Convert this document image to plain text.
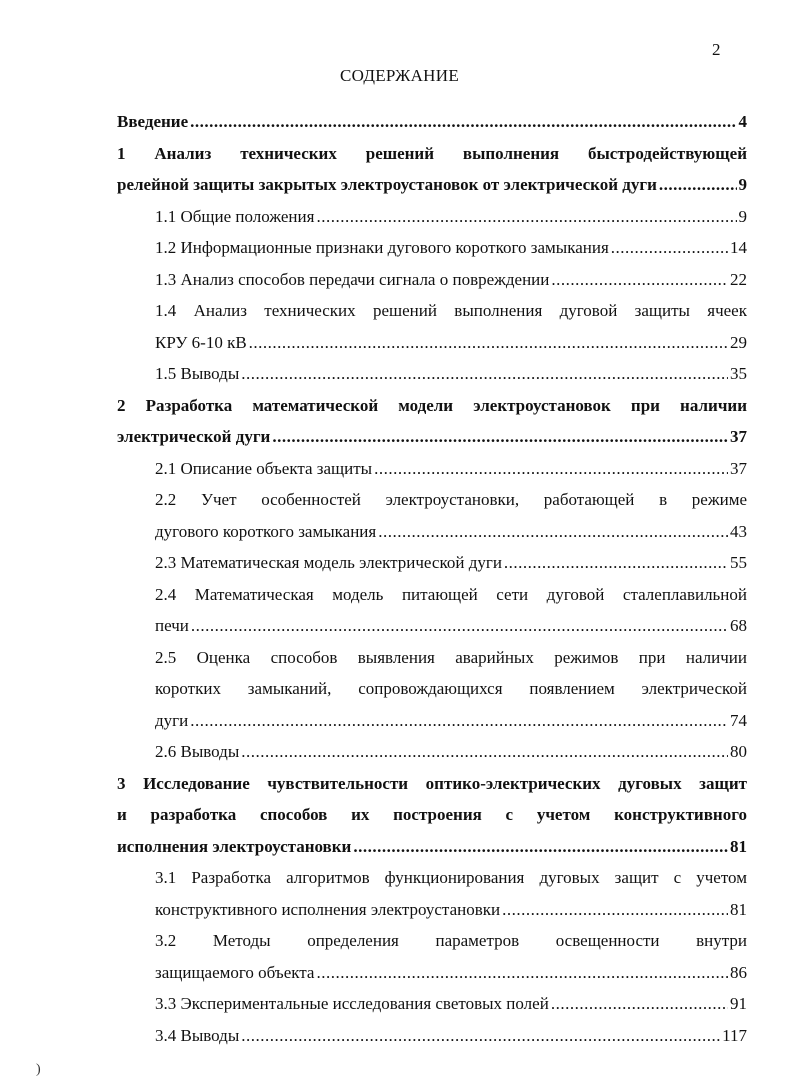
2
СОДЕРЖАНИЕ
Введение .....	4
1 Анализ технических решений выполнения быстродействующей
релейной защиты закрытых электроустановок от электрической дуги .....	9
1.1 Общие положения .....	9
1.2 Информационные признаки дугового короткого замыкания .....	14
1.3 Анализ способов передачи сигнала о повреждении .....	22
1.4 Анализ технических решений выполнения дуговой защиты ячеек
КРУ 6-10 кВ .....	29
1.5 Выводы .....	35
2 Разработка математической модели электроустановок при наличии
электрической дуги .....	37
2.1 Описание объекта защиты .....	37
2.2 Учет особенностей электроустановки, работающей в режиме
дугового короткого замыкания .....	43
2.3 Математическая модель электрической дуги .....	55
2.4 Математическая модель питающей сети дуговой сталеплавильной
печи .....	68
2.5 Оценка способов выявления аварийных режимов при наличии
коротких замыканий, сопровождающихся появлением электрической
дуги .....	74
2.6 Выводы .....	80
3 Исследование чувствительности оптико-электрических дуговых защит
и разработка способов их построения с учетом конструктивного
исполнения электроустановки .....	81
3.1 Разработка алгоритмов функционирования дуговых защит с учетом
конструктивного исполнения электроустановки .....	81
3.2 Методы определения параметров освещенности внутри
защищаемого объекта .....	86
3.3 Экспериментальные исследования световых полей .....	91
3.4 Выводы .....	117
)
